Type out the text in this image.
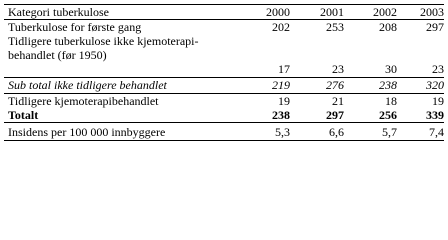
Kategori tuberkulose	2000	2001	2002	2003
Tuberkulose for første gang	202	253	208	297
Tidligere tuberkulose ikke kjemoterapi-behandlet (før 1950)
17	23	30	23
Sub total ikke tidligere behandlet	219	276	238	320
Tidligere kjemoterapibehandlet	19	21	18	19
Totalt	238	297	256	339
Insidens per 100 000 innbyggere	5,3	6,6	5,7	7,4
